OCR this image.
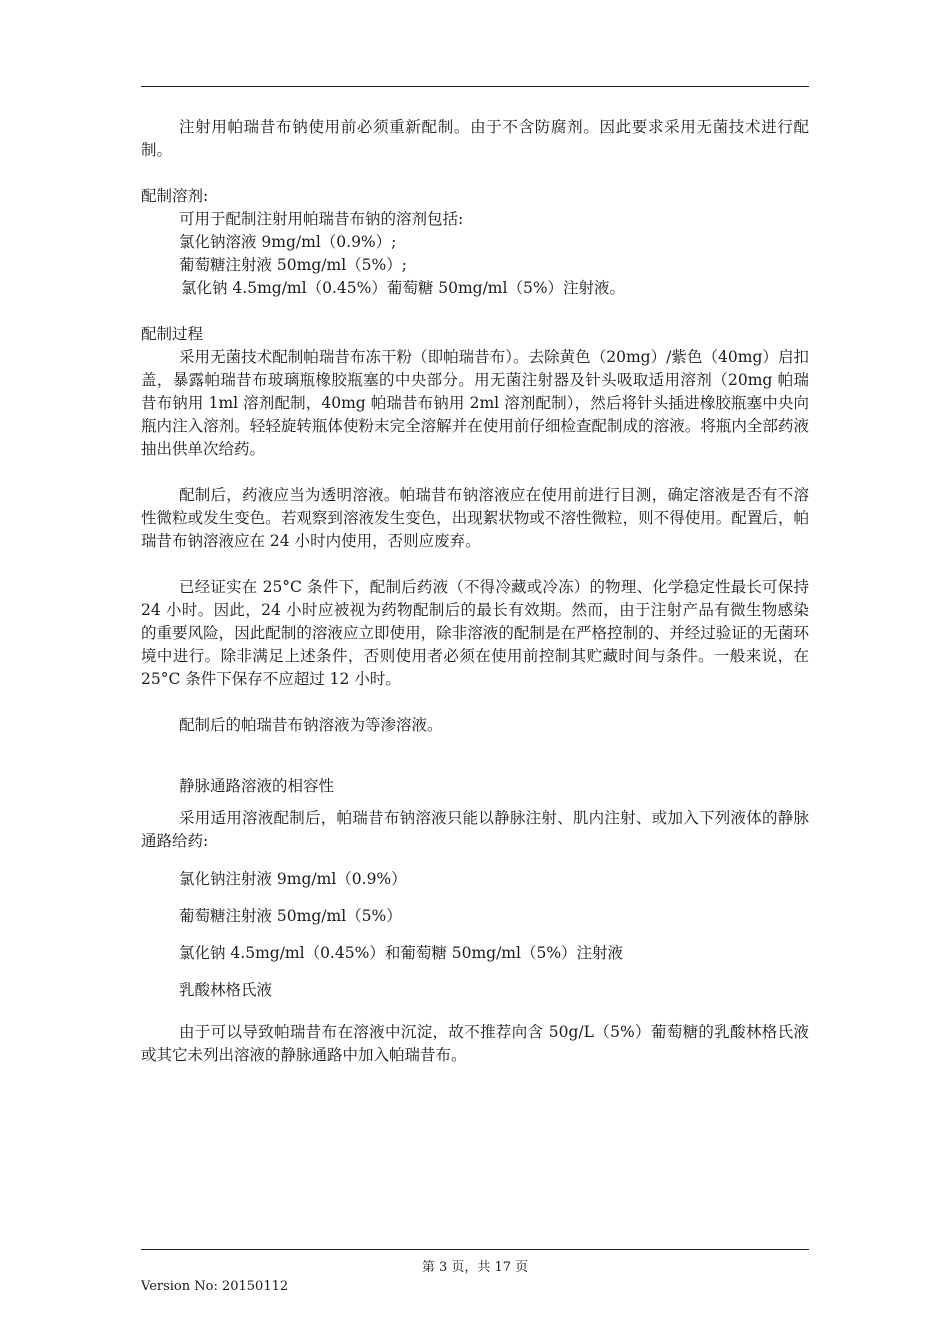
注射用帕瑞昔布钠使用前必须重新配制。由于不含防腐剂。因此要求采用无菌技术进行配制。

配制溶剂:

可用于配制注射用帕瑞昔布钠的溶剂包括:

氯化钠溶液 9mg/ml（0.9%）;

葡萄糖注射液 50mg/ml（5%）;

氯化钠 4.5mg/ml（0.45%）葡萄糖 50mg/ml（5%）注射液。

配制过程

采用无菌技术配制帕瑞昔布冻干粉（即帕瑞昔布）。去除黄色（20mg）/紫色（40mg）启扣盖，暴露帕瑞昔布玻璃瓶橡胶瓶塞的中央部分。用无菌注射器及针头吸取适用溶剂（20mg 帕瑞昔布钠用 1ml 溶剂配制，40mg 帕瑞昔布钠用 2ml 溶剂配制），然后将针头插进橡胶瓶塞中央向瓶内注入溶剂。轻轻旋转瓶体使粉末完全溶解并在使用前仔细检查配制成的溶液。将瓶内全部药液抽出供单次给药。

配制后，药液应当为透明溶液。帕瑞昔布钠溶液应在使用前进行目测，确定溶液是否有不溶性微粒或发生变色。若观察到溶液发生变色，出现絮状物或不溶性微粒，则不得使用。配置后，帕瑞昔布钠溶液应在 24 小时内使用，否则应废弃。

已经证实在 25°C 条件下，配制后药液（不得冷藏或冷冻）的物理、化学稳定性最长可保持 24 小时。因此，24 小时应被视为药物配制后的最长有效期。然而，由于注射产品有微生物感染的重要风险，因此配制的溶液应立即使用，除非溶液的配制是在严格控制的、并经过验证的无菌环境中进行。除非满足上述条件，否则使用者必须在使用前控制其贮藏时间与条件。一般来说，在 25°C 条件下保存不应超过 12 小时。

配制后的帕瑞昔布钠溶液为等渗溶液。

静脉通路溶液的相容性

采用适用溶液配制后，帕瑞昔布钠溶液只能以静脉注射、肌内注射、或加入下列液体的静脉通路给药:

氯化钠注射液 9mg/ml（0.9%）

葡萄糖注射液 50mg/ml（5%）

氯化钠 4.5mg/ml（0.45%）和葡萄糖 50mg/ml（5%）注射液

乳酸林格氏液

由于可以导致帕瑞昔布在溶液中沉淀，故不推荐向含 50g/L（5%）葡萄糖的乳酸林格氏液或其它未列出溶液的静脉通路中加入帕瑞昔布。

第 3 页，共 17 页
Version No: 20150112
